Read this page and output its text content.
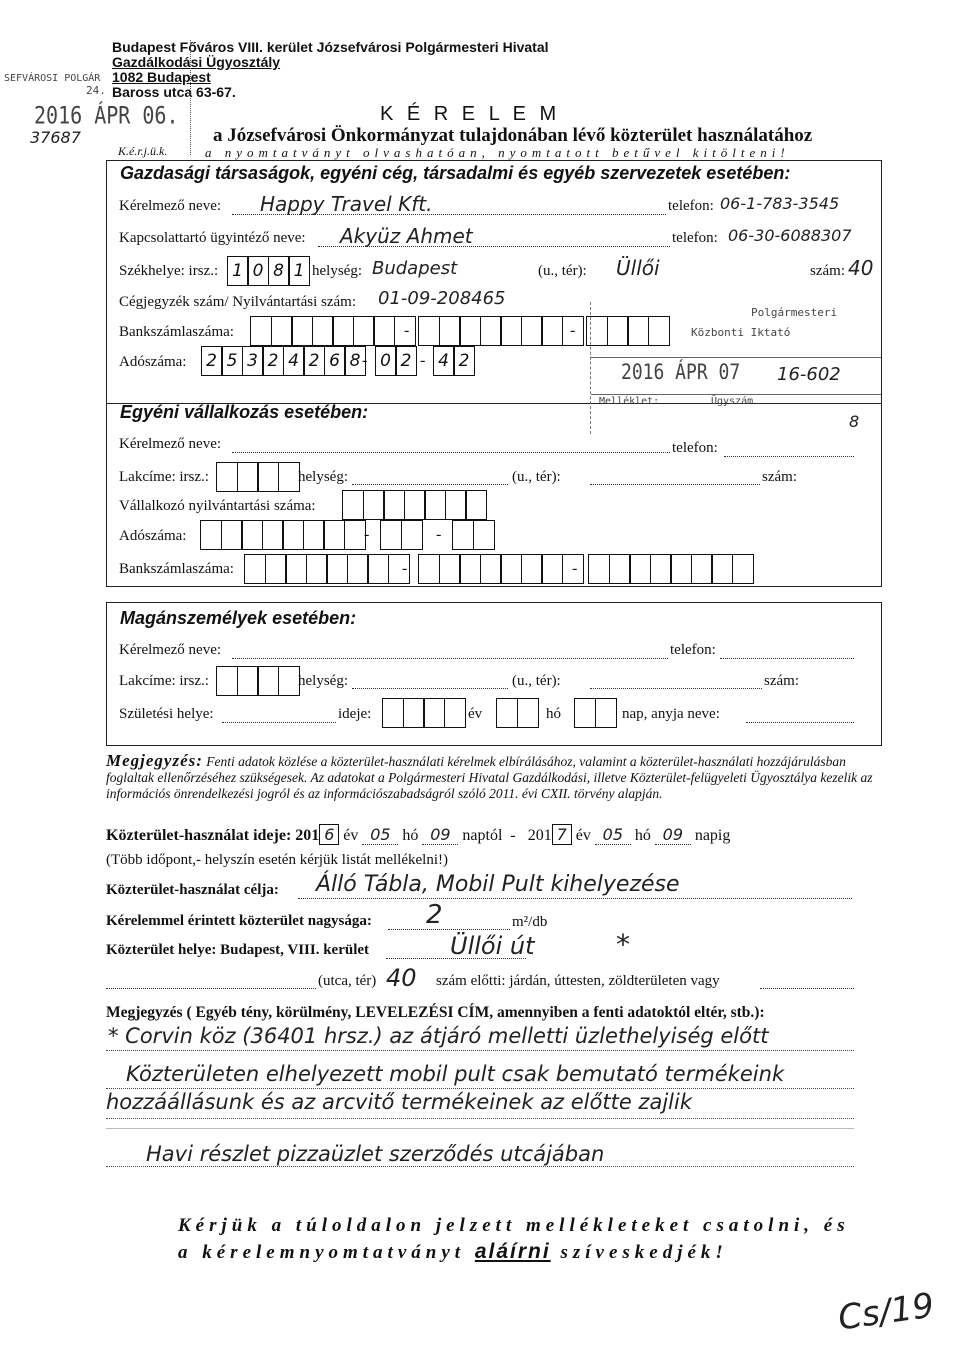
Budapest Főváros VIII. kerület Józsefvárosi Polgármesteri Hivatal
Gazdálkodási Ügyosztály
1082 Budapest
Baross utca 63-67.
SEFVÁROSI POLGÁR
24.
2016 ÁPR 06.
37687
K É R E L E M
a Józsefvárosi Önkormányzat tulajdonában lévő közterület használatához
K.é.r.j.ü.k.	a nyomtatványt olvashatóan, nyomtatott betűvel kitölteni!
Gazdasági társaságok, egyéni cég, társadalmi és egyéb szervezetek esetében:
Kérelmező neve: Happy Travel Kft.	telefon: 06-1-783-3545
Kapcsolattartó ügyintéző neve: Akyüz Ahmet	telefon: 06-30-6088307
Székhelye: irsz.: 1 0 8 1 helység: Budapest	(u., tér): Üllői	szám: 40
Cégjegyzék szám/ Nyilvántartási szám: 01-09-208465
Bankszámlaszáma:	-	-
Adószáma:	2 5 3 2 4 2 6 8 - 0 2 - 4 2
Polgármesteri
Közbonti Iktató
2016 ÁPR 07 16-602
Melléklet:	Ügyszám
8
Egyéni vállalkozás esetében:
Kérelmező neve:	telefon:
Lakcíme: irsz.:	helység:	(u., tér):	szám:
Vállalkozó nyilvántartási száma:
Adószáma:	-	-
Bankszámlaszáma:	-	-
Magánszemélyek esetében:
Kérelmező neve:	telefon:
Lakcíme: irsz.:	helység:	(u., tér):	szám:
Születési helye:	ideje:	év	hó	nap, anyja neve:
Megjegyzés: Fenti adatok közlése a közterület-használati kérelmek elbírálásához, valamint a közterület-használati hozzájárulásban foglaltak ellenőrzéséhez szükségesek. Az adatokat a Polgármesteri Hivatal Gazdálkodási, illetve Közterület-felügyeleti Ügyosztálya kezelik az információs önrendelkezési jogról és az információszabadságról szóló 2011. évi CXII. törvény alapján.
Közterület-használat ideje: 201 6 év 05 hó 09 naptól  -   201 7 év 05 hó 09 napig
(Több időpont,- helyszín esetén kérjük listát mellékelni!)
Közterület-használat célja: Álló Tábla, Mobil Pult kihelyezése
Kérelemmel érintett közterület nagysága: 2	m²/db
Közterület helye: Budapest, VIII. kerület	Üllői út	*
(utca, tér) 40 szám előtti: járdán, úttesten, zöldterületen vagy
Megjegyzés ( Egyéb tény, körülmény, LEVELEZÉSI CÍM, amennyiben a fenti adatoktól eltér, stb.):
* Corvin köz (36401 hrsz.) az átjáró melletti üzlethelyiség előtt
Közterületen elhelyezett mobil pult csak bemutató termékeink
hozzáállásunk és az arcvitő termékeinek az előtte zajlik
Havi részlet pizzaüzlet szerződés utcájában
Kérjük a túloldalon jelzett mellékleteket csatolni, és
a kérelemnyomtatványt aláírni szíveskedjék!
Cs/19
